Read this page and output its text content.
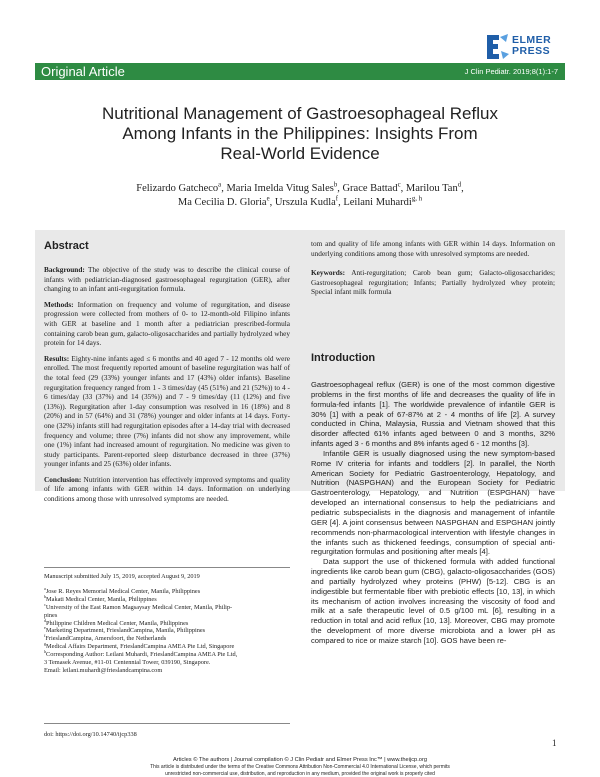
ELMER
PRESS
Original Article	J Clin Pediatr. 2019;8(1):1-7
Nutritional Management of Gastroesophageal Reflux
Among Infants in the Philippines: Insights From
Real-World Evidence
Felizardo Gatcheco$^a$, Maria Imelda Vitug Sales$^b$, Grace Battad$^c$, Marilou Tan$^d$,
Ma Cecilia D. Gloria$^e$, Urszula Kudla$^f$, Leilani Muhardi$^{g, h}$
Abstract

Background: The objective of the study was to describe the clinical course of infants with pediatrician-diagnosed gastroesophageal regurgitation (GER), after changing to an infant anti-regurgitation formula.

Methods: Information on frequency and volume of regurgitation, and disease progression were collected from mothers of 0- to 12-month-old Filipino infants with GER at baseline and 1 month after a pediatrician prescribed-formula containing carob bean gum, galacto-oligosaccharides and partially hydrolyzed whey protein for 14 days.

Results: Eighty-nine infants aged ≤ 6 months and 40 aged 7 - 12 months old were enrolled. The most frequently reported amount of baseline regurgitation was half of the total feed (29 (33%) younger infants and 17 (43%) older infants). Baseline regurgitation frequency ranged from 1 - 3 times/day (45 (51%) and 21 (52%)) to 4 - 6 times/day (33 (37%) and 14 (35%)) and 7 - 9 times/day (11 (12%) and five (13%)). Regurgitation after 1-day consumption was resolved in 16 (18%) and 8 (20%) and in 57 (64%) and 31 (78%) younger and older infants at 14 days. Forty-one (32%) infants still had regurgitation episodes after a 14-day trial with decreased frequency and volume; three (7%) infants did not show any improvement, while one (1%) infant had increased amount of regurgitation. No medicine was given to study participants. Parent-reported sleep disturbance decreased in three (37%) younger infants and 25 (63%) older infants.

Conclusion: Nutrition intervention has effectively improved symptoms and quality of life among infants with GER within 14 days. Information on underlying conditions among those with unresolved symptoms are needed.

tom and quality of life among infants with GER within 14 days. Information on underlying conditions among those with unresolved symptoms are needed.

Keywords: Anti-regurgitation; Carob bean gum; Galacto-oligosaccharides; Gastroesophageal regurgitation; Infants; Partially hydrolyzed whey protein; Special infant milk formula

Manuscript submitted July 15, 2019, accepted August 9, 2019
$^a$Jose R. Reyes Memorial Medical Center, Manila, Philippines
$^b$Makati Medical Center, Manila, Philippines
$^c$University of the East Ramon Magsaysay Medical Center, Manila, Philip-
pines
$^d$Philippine Children Medical Center, Manila, Philippines
$^e$Marketing Department, FrieslandCampina, Manila, Philippines
$^f$FrieslandCampina, Amersfoort, the Netherlands
$^g$Medical Affairs Department, FrieslandCampina AMEA Pte Ltd, Singapore
$^h$Corresponding Author: Leilani Muhardi, FrieslandCampina AMEA Pte Ltd,
3 Temasek Avenue, #11-01 Centennial Tower, 039190, Singapore.
Email: leilani.muhardi@frieslandcampina.com
doi: https://doi.org/10.14740/ijcp338
Introduction

Gastroesophageal reflux (GER) is one of the most common digestive problems in the first months of life and decreases the quality of life in formula-fed infants [1]. The worldwide prevalence of infantile GER is 30% [1] with a peak of 67-87% at 2 - 4 months of life [2]. A survey conducted in China, Malaysia, Russia and Vietnam showed that this disorder affected 61% infants aged between 0 and 3 months, 32% infants aged 3 - 6 months and 8% infants aged 6 - 12 months [3].

Infantile GER is usually diagnosed using the new symptom-based Rome IV criteria for infants and toddlers [2]. In parallel, the North American Society for Pediatric Gastroenterology, Hepatology, and Nutrition (NASPGHAN) and the European Society for Pediatric Gastroenterology, Hepatology, and Nutrition (ESPGHAN) have developed an international consensus to help the pediatricians and pediatric subspecialists in the diagnosis and management of infantile GER [4]. A joint consensus between NASPGHAN and ESPGHAN jointly recommends non-pharmacological intervention with lifestyle changes in the infants such as thickened feedings, consumption of special anti-regurgitation formulas and positioning after meals [4].

Data support the use of thickened formula with added functional ingredients like carob bean gum (CBG), galacto-oligosaccharides (GOS) and partially hydrolyzed whey proteins (PHW) [5-12]. CBG is an indigestible but fermentable fiber with prebiotic effects [10, 13], in which its mechanism of action involves increasing the viscosity of food and milk at a safe therapeutic level of 0.5 g/100 mL [6], resulting in a reduction in total and acid reflux [10, 13]. Moreover, CBG may promote the development of more diverse microbiota and a lower pH as compared to rice or maize starch [10]. GOS have been re-

1
Articles © The authors | Journal compilation © J Clin Pediatr and Elmer Press Inc™ | www.theijcp.org
This article is distributed under the terms of the Creative Commons Attribution Non-Commercial 4.0 International License, which permits
unrestricted non-commercial use, distribution, and reproduction in any medium, provided the original work is properly cited
